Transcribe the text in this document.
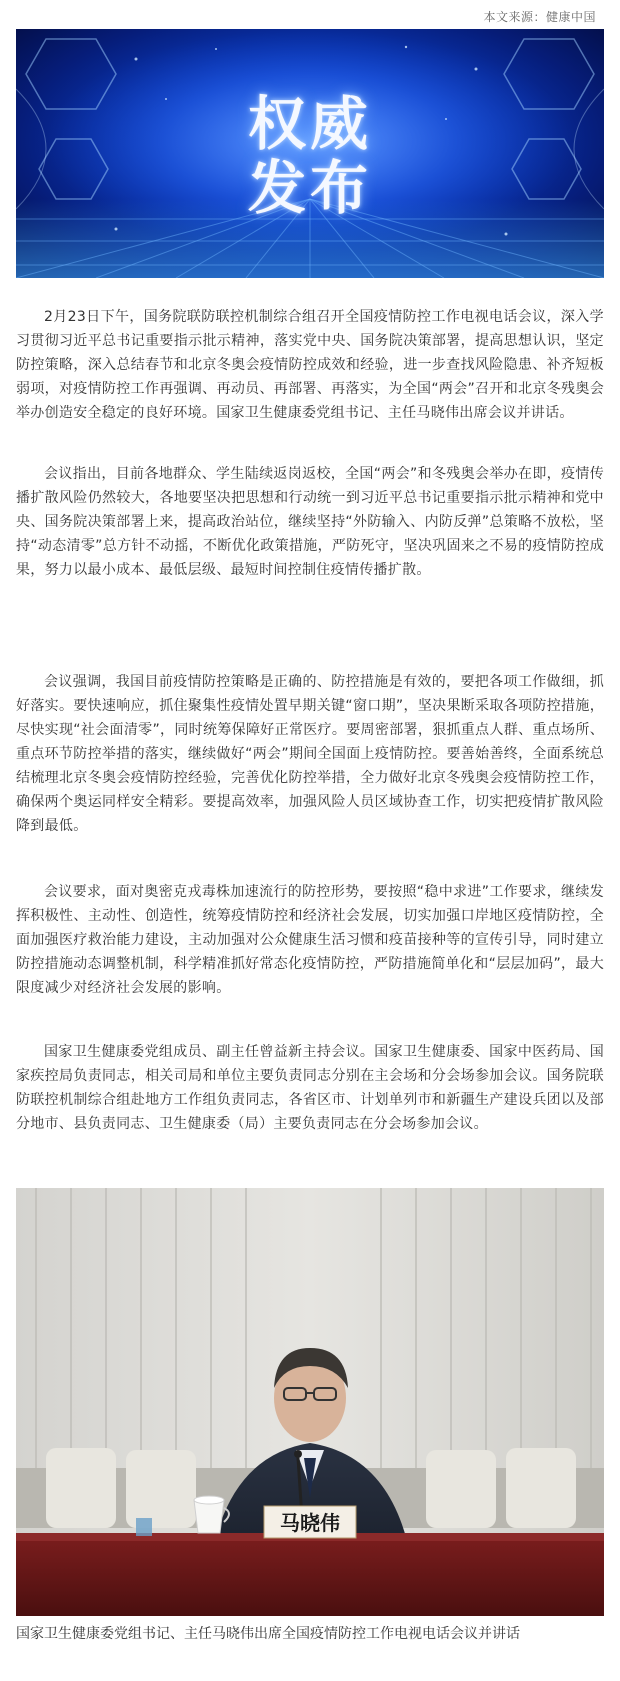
本文来源：健康中国
权威
发布

2月23日下午，国务院联防联控机制综合组召开全国疫情防控工作电视电话会议，深入学习贯彻习近平总书记重要指示批示精神，落实党中央、国务院决策部署，提高思想认识，坚定防控策略，深入总结春节和北京冬奥会疫情防控成效和经验，进一步查找风险隐患、补齐短板弱项，对疫情防控工作再强调、再动员、再部署、再落实，为全国“两会”召开和北京冬残奥会举办创造安全稳定的良好环境。国家卫生健康委党组书记、主任马晓伟出席会议并讲话。

会议指出，目前各地群众、学生陆续返岗返校，全国“两会”和冬残奥会举办在即，疫情传播扩散风险仍然较大，各地要坚决把思想和行动统一到习近平总书记重要指示批示精神和党中央、国务院决策部署上来，提高政治站位，继续坚持“外防输入、内防反弹”总策略不放松，坚持“动态清零”总方针不动摇，不断优化政策措施，严防死守，坚决巩固来之不易的疫情防控成果，努力以最小成本、最低层级、最短时间控制住疫情传播扩散。

会议强调，我国目前疫情防控策略是正确的、防控措施是有效的，要把各项工作做细，抓好落实。要快速响应，抓住聚集性疫情处置早期关键“窗口期”，坚决果断采取各项防控措施，尽快实现“社会面清零”，同时统筹保障好正常医疗。要周密部署，狠抓重点人群、重点场所、重点环节防控举措的落实，继续做好“两会”期间全国面上疫情防控。要善始善终，全面系统总结梳理北京冬奥会疫情防控经验，完善优化防控举措，全力做好北京冬残奥会疫情防控工作，确保两个奥运同样安全精彩。要提高效率，加强风险人员区域协查工作，切实把疫情扩散风险降到最低。

会议要求，面对奥密克戎毒株加速流行的防控形势，要按照“稳中求进”工作要求，继续发挥积极性、主动性、创造性，统筹疫情防控和经济社会发展，切实加强口岸地区疫情防控，全面加强医疗救治能力建设，主动加强对公众健康生活习惯和疫苗接种等的宣传引导，同时建立防控措施动态调整机制，科学精准抓好常态化疫情防控，严防措施简单化和“层层加码”，最大限度减少对经济社会发展的影响。

国家卫生健康委党组成员、副主任曾益新主持会议。国家卫生健康委、国家中医药局、国家疾控局负责同志，相关司局和单位主要负责同志分别在主会场和分会场参加会议。国务院联防联控机制综合组赴地方工作组负责同志，各省区市、计划单列市和新疆生产建设兵团以及部分地市、县负责同志、卫生健康委（局）主要负责同志在分会场参加会议。

马晓伟
国家卫生健康委党组书记、主任马晓伟出席全国疫情防控工作电视电话会议并讲话
